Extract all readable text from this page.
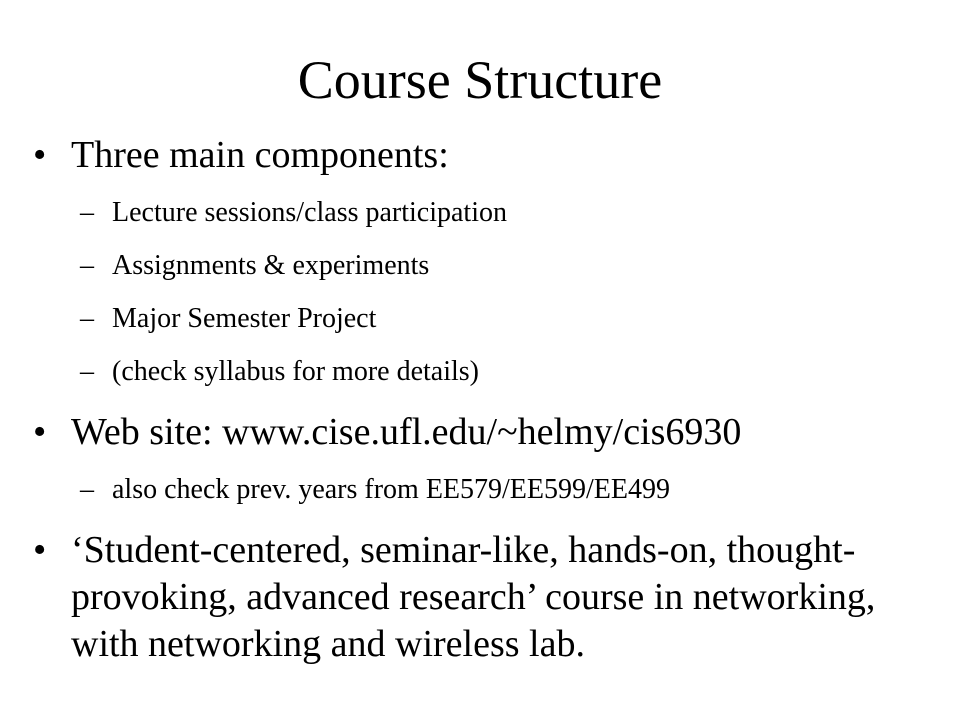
Course Structure
• Three main components:
– Lecture sessions/class participation
– Assignments & experiments
– Major Semester Project
– (check syllabus for more details)
• Web site: www.cise.ufl.edu/~helmy/cis6930
– also check prev. years from EE579/EE599/EE499
• ‘Student-centered, seminar-like, hands-on, thought-provoking, advanced research’ course in networking, with networking and wireless lab.
